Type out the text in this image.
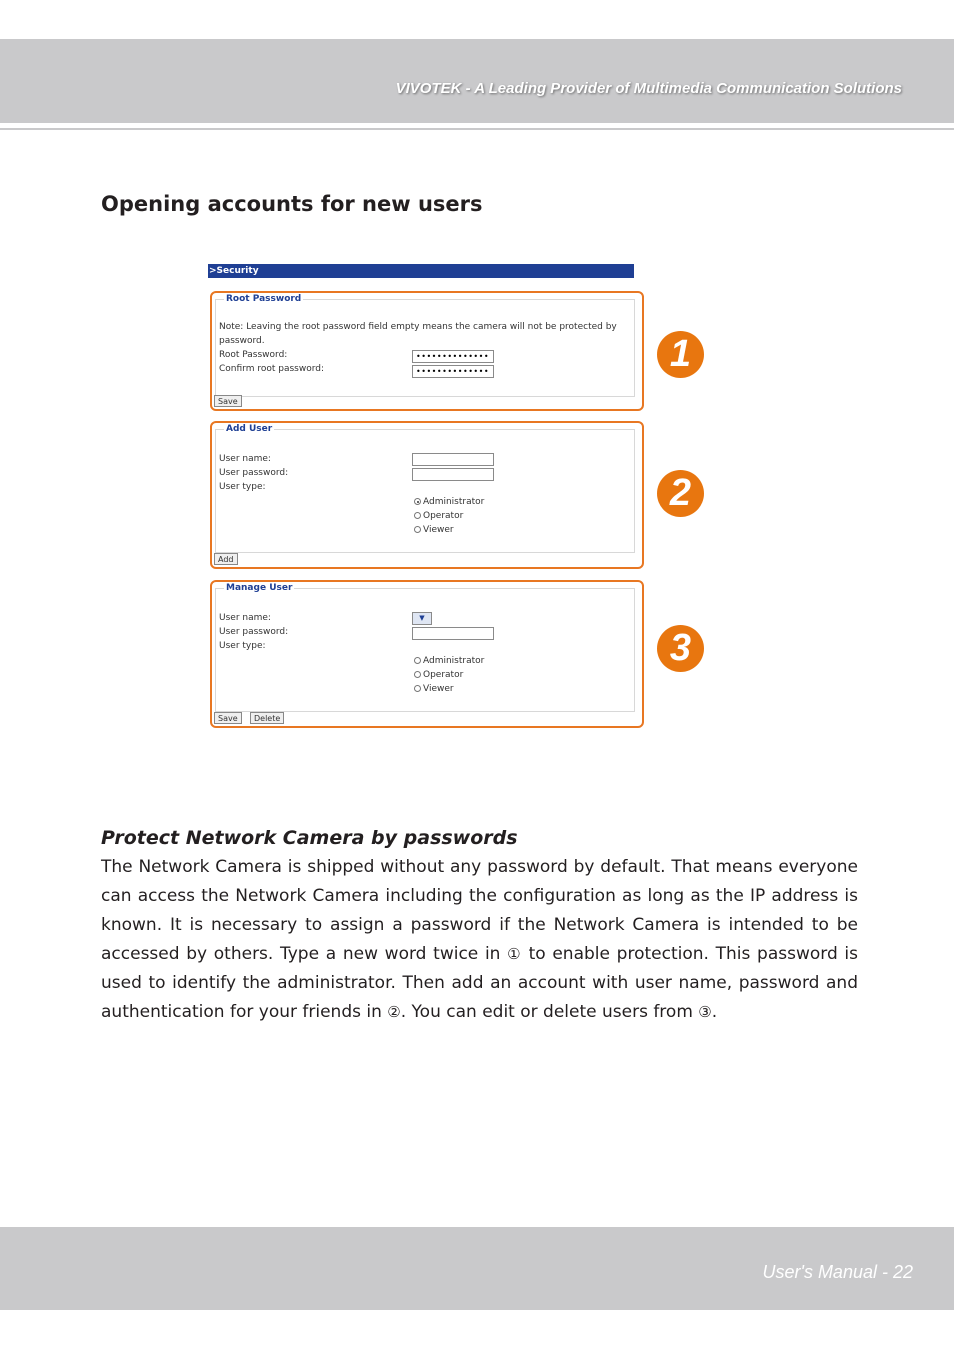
VIVOTEK - A Leading Provider of Multimedia Communication Solutions
Opening accounts for new users
>Security
Root Password
Note: Leaving the root password field empty means the camera will not be protected by
password.
Root Password:
Confirm root password:
••••••••••••••
••••••••••••••
Save
Add User
User name:
User password:
User type:
Administrator
Operator
Viewer
Add
Manage User
User name:
User password:
User type:
▼
Administrator
Operator
Viewer
Save	Delete
1
2
3
Protect Network Camera by passwords
The Network Camera is shipped without any password by default. That means everyone can access the Network Camera including the configuration as long as the IP address is known. It is necessary to assign a password if the Network Camera is intended to be accessed by others. Type a new word twice in ① to enable protection. This password is used to identify the administrator. Then add an account with user name, password and authentication for your friends in ②. You can edit or delete users from ③.
User's Manual - 22
